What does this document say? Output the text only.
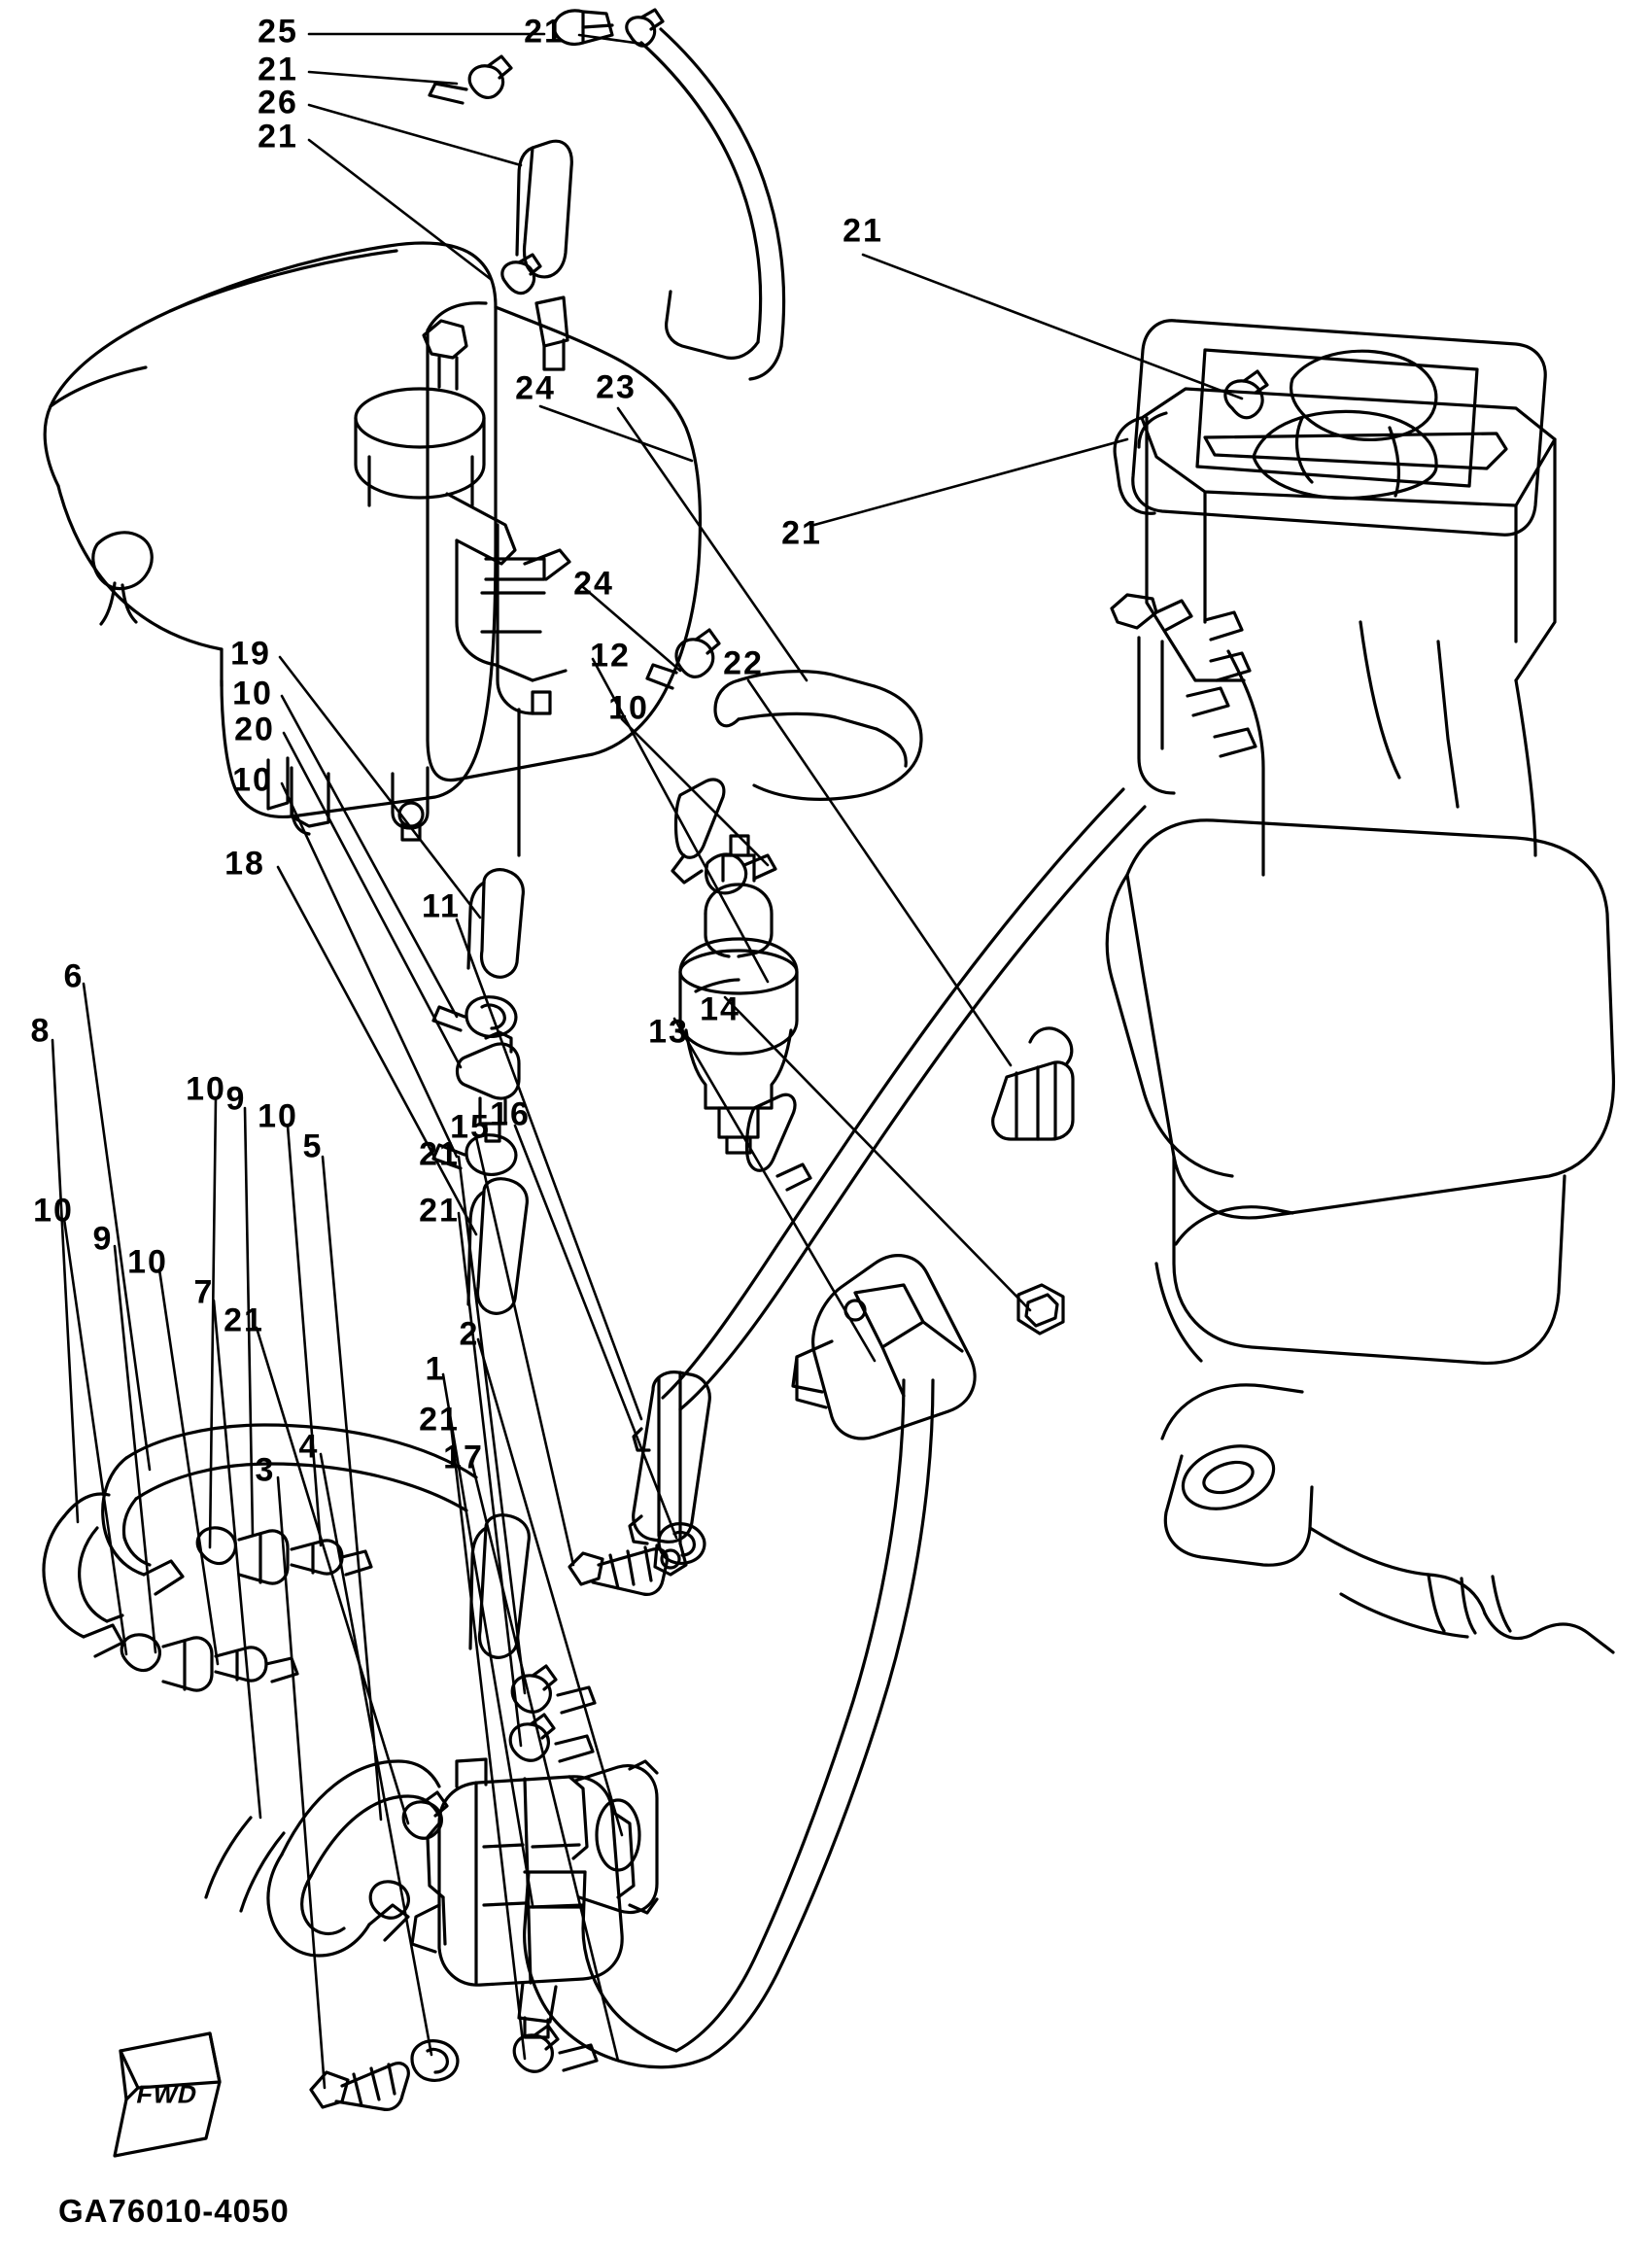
25	21
21
26
21
21
24 23
21
24
12
19
10
22
10
20
10
18
11
13
14
6
8
10 9 10
5
15 16
21
21
10
9
10
7
21	2
1
21
3
4	17
FWD
GA76010-4050
